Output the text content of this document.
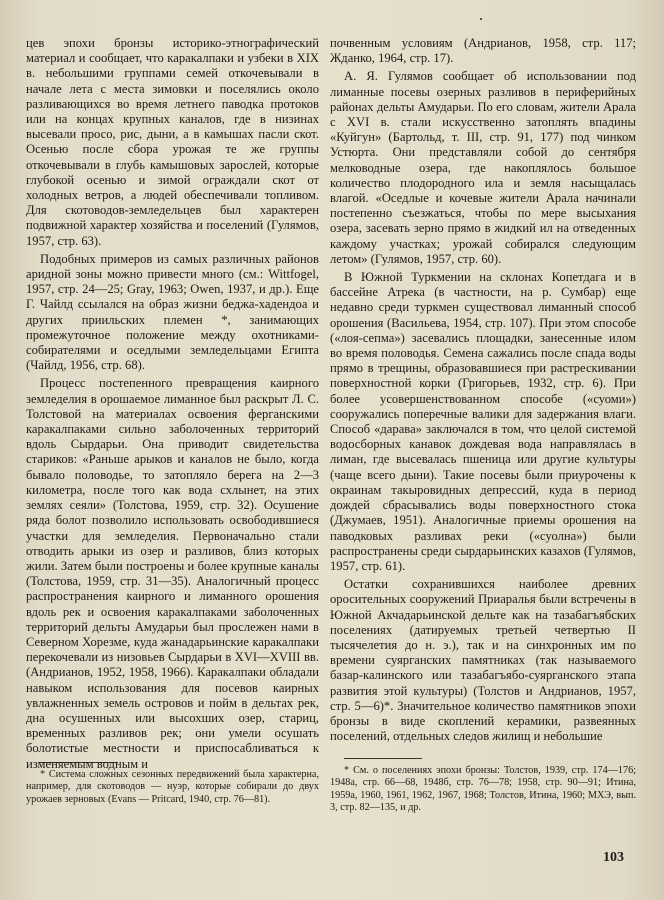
цев эпохи бронзы историко-этнографический материал и сообщает, что каракалпаки и узбеки в XIX в. небольшими группами семей откочевывали в начале лета с места зимовки и поселялись около разливающихся во время летнего паводка протоков или на концах крупных каналов, где в низинах высевали просо, рис, дыни, а в камышах пасли скот. Осенью после сбора урожая те же группы откочевывали в глубь камышовых зарослей, которые глубокой осенью и зимой ограждали скот от холодных ветров, а людей обеспечивали топливом. Для скотоводов-земледельцев был характерен подвижной характер хозяйства и поселений (Гулямов, 1957, стр. 63).

Подобных примеров из самых различных районов аридной зоны можно привести много (см.: Wittfogel, 1957, стр. 24—25; Gray, 1963; Owen, 1937, и др.). Еще Г. Чайлд ссылался на образ жизни беджа-хадендоа и других приильских племен *, занимающих промежуточное положение между охотниками-собирателями и оседлыми земледельцами Египта (Чайлд, 1956, стр. 68).

Процесс постепенного превращения каирного земледелия в орошаемое лиманное был раскрыт Л. С. Толстовой на материалах освоения ферганскими каракалпаками сильно заболоченных территорий вдоль Сырдарьи. Она приводит свидетельства стариков: «Раньше арыков и каналов не было, когда бывало половодье, то затопляло берега на 2—3 километра, после того как вода схлынет, на этих землях сеяли» (Толстова, 1959, стр. 32). Осушение ряда болот позволило использовать освободившиеся участки для земледелия. Первоначально стали отводить арыки из озер и разливов, близ которых жили. Затем были построены и более крупные каналы (Толстова, 1959, стр. 31—35). Аналогичный процесс распространения каирного и лиманного орошения вдоль рек и освоения каракалпаками заболоченных территорий дельты Амударьи был прослежен нами в Северном Хорезме, куда жанадарьинские каракалпаки перекочевали из низовьев Сырдарьи в XVI—XVIII вв. (Андрианов, 1952, 1958, 1966). Каракалпаки обладали навыком использования для посевов каирных увлажненных земель островов и пойм в дельтах рек, дна осушенных или высохших озер, стариц, временных разливов рек; они умели осушать болотистые местности и приспосабливаться к изменяемым водным и

* Система сложных сезонных передвижений была характерна, например, для скотоводов — нуэр, которые собирали до двух урожаев зерновых (Evans — Pritcard, 1940, стр. 76—81).

почвенным условиям (Андрианов, 1958, стр. 117; Жданко, 1964, стр. 17).

А. Я. Гулямов сообщает об использовании под лиманные посевы озерных разливов в периферийных районах дельты Амударьи. По его словам, жители Арала с XVI в. стали искусственно затоплять впадины «Куйгун» (Бартольд, т. III, стр. 91, 177) под чинком Устюрта. Они представляли собой до сентября мелководные озера, где накоплялось большое количество плодородного ила и земля насыщалась влагой. «Оседлые и кочевые жители Арала начинали постепенно съезжаться, чтобы по мере высыхания озера, засевать зерно прямо в жидкий ил на отведенных каждому участках; урожай собирался следующим летом» (Гулямов, 1957, стр. 60).

В Южной Туркмении на склонах Копетдага и в бассейне Атрека (в частности, на р. Сумбар) еще недавно среди туркмен существовал лиманный способ орошения (Васильева, 1954, стр. 107). При этом способе («лоя-сепма») засевались площадки, занесенные илом во время половодья. Семена сажались после спада воды прямо в трещины, образовавшиеся при растрескивании поверхностной корки (Григорьев, 1932, стр. 6). При более усовершенствованном способе («суоми») сооружались поперечные валики для задержания влаги. Способ «дарава» заключался в том, что целой системой водосборных канавок дождевая вода направлялась в лиман, где высевалась пшеница или другие культуры (чаще всего дыни). Такие посевы были приурочены к окраинам такыровидных депрессий, куда в период дождей сбрасывались воды поверхностного стока (Джумаев, 1951). Аналогичные приемы орошения на паводковых разливах реки («суолна») были распространены среди сырдарьинских казахов (Гулямов, 1957, стр. 61).

Остатки сохранившихся наиболее древних оросительных сооружений Приаралья были встречены в Южной Акчадарьинской дельте как на тазабагъябских поселениях (датируемых третьей четвертью II тысячелетия до н. э.), так и на синхронных им по времени суярганских памятниках (так называемого базар-калинского или тазабагъябо-суярганского этапа развития этой культуры) (Толстов и Андрианов, 1957, стр. 5—6)*. Значительное количество памятников эпохи бронзы в виде скоплений керамики, развеянных поселений, отдельных следов жилищ и небольшие

* См. о поселениях эпохи бронзы: Толстов, 1939, стр. 174—176; 1948а, стр. 66—68, 1948б, стр. 76—78; 1958, стр. 90—91; Итина, 1959а, 1960, 1961, 1962, 1967, 1968; Толстов, Итина, 1960; МХЭ, вып. 3, стр. 82—135, и др.

103
